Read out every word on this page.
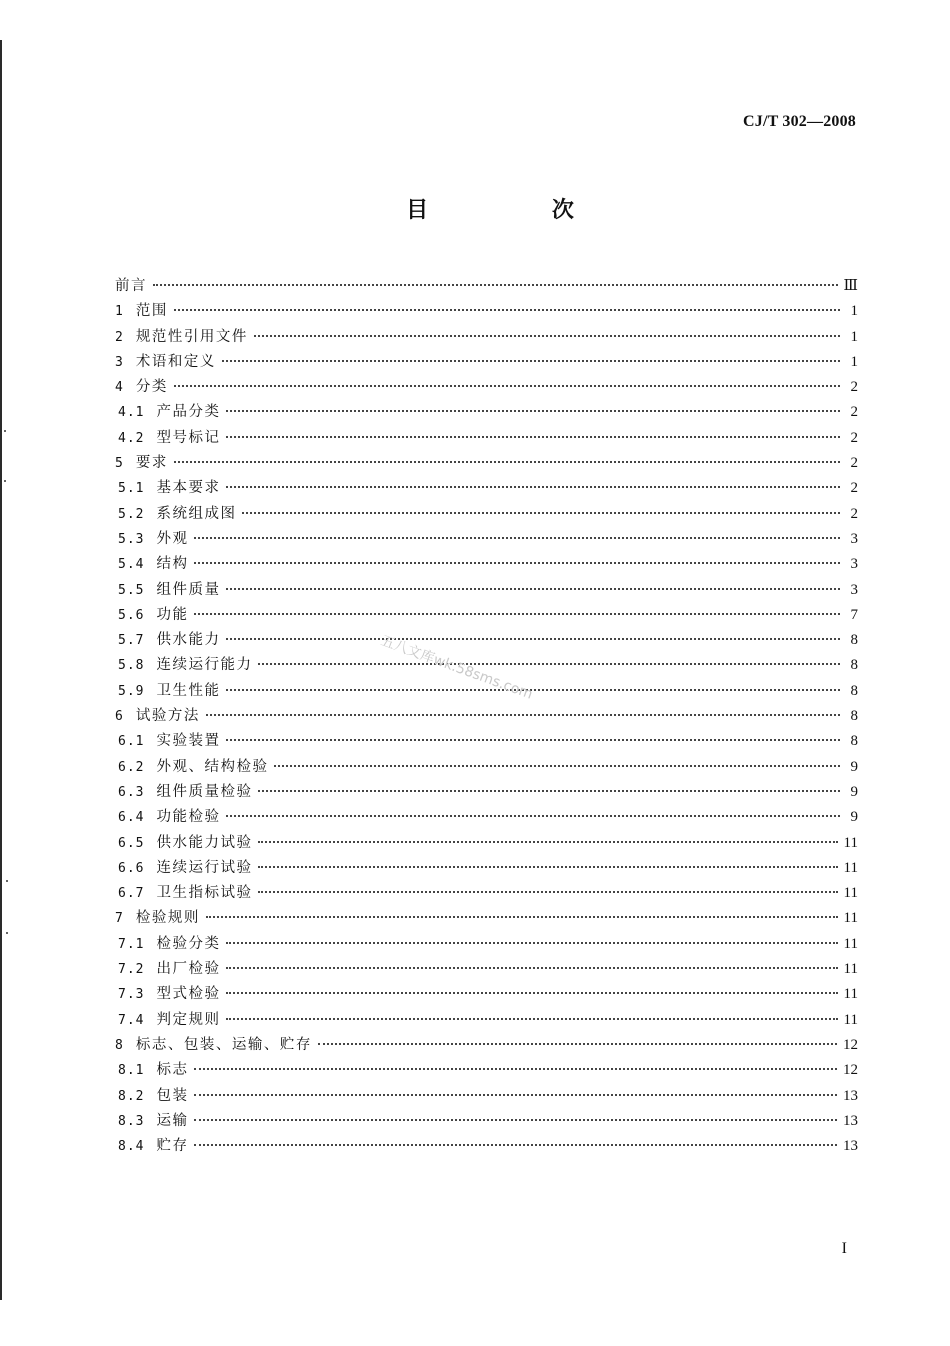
CJ/T 302—2008
目 次
前言	Ⅲ
1 范围	1
2 规范性引用文件	1
3 术语和定义	1
4 分类	2
4.1 产品分类	2
4.2 型号标记	2
5 要求	2
5.1 基本要求	2
5.2 系统组成图	2
5.3 外观	3
5.4 结构	3
5.5 组件质量	3
5.6 功能	7
5.7 供水能力	8
5.8 连续运行能力	8
5.9 卫生性能	8
6 试验方法	8
6.1 实验装置	8
6.2 外观、结构检验	9
6.3 组件质量检验	9
6.4 功能检验	9
6.5 供水能力试验	11
6.6 连续运行试验	11
6.7 卫生指标试验	11
7 检验规则	11
7.1 检验分类	11
7.2 出厂检验	11
7.3 型式检验	11
7.4 判定规则	11
8 标志、包装、运输、贮存	12
8.1 标志	12
8.2 包装	13
8.3 运输	13
8.4 贮存	13
五八文库wk.58sms.com
I
